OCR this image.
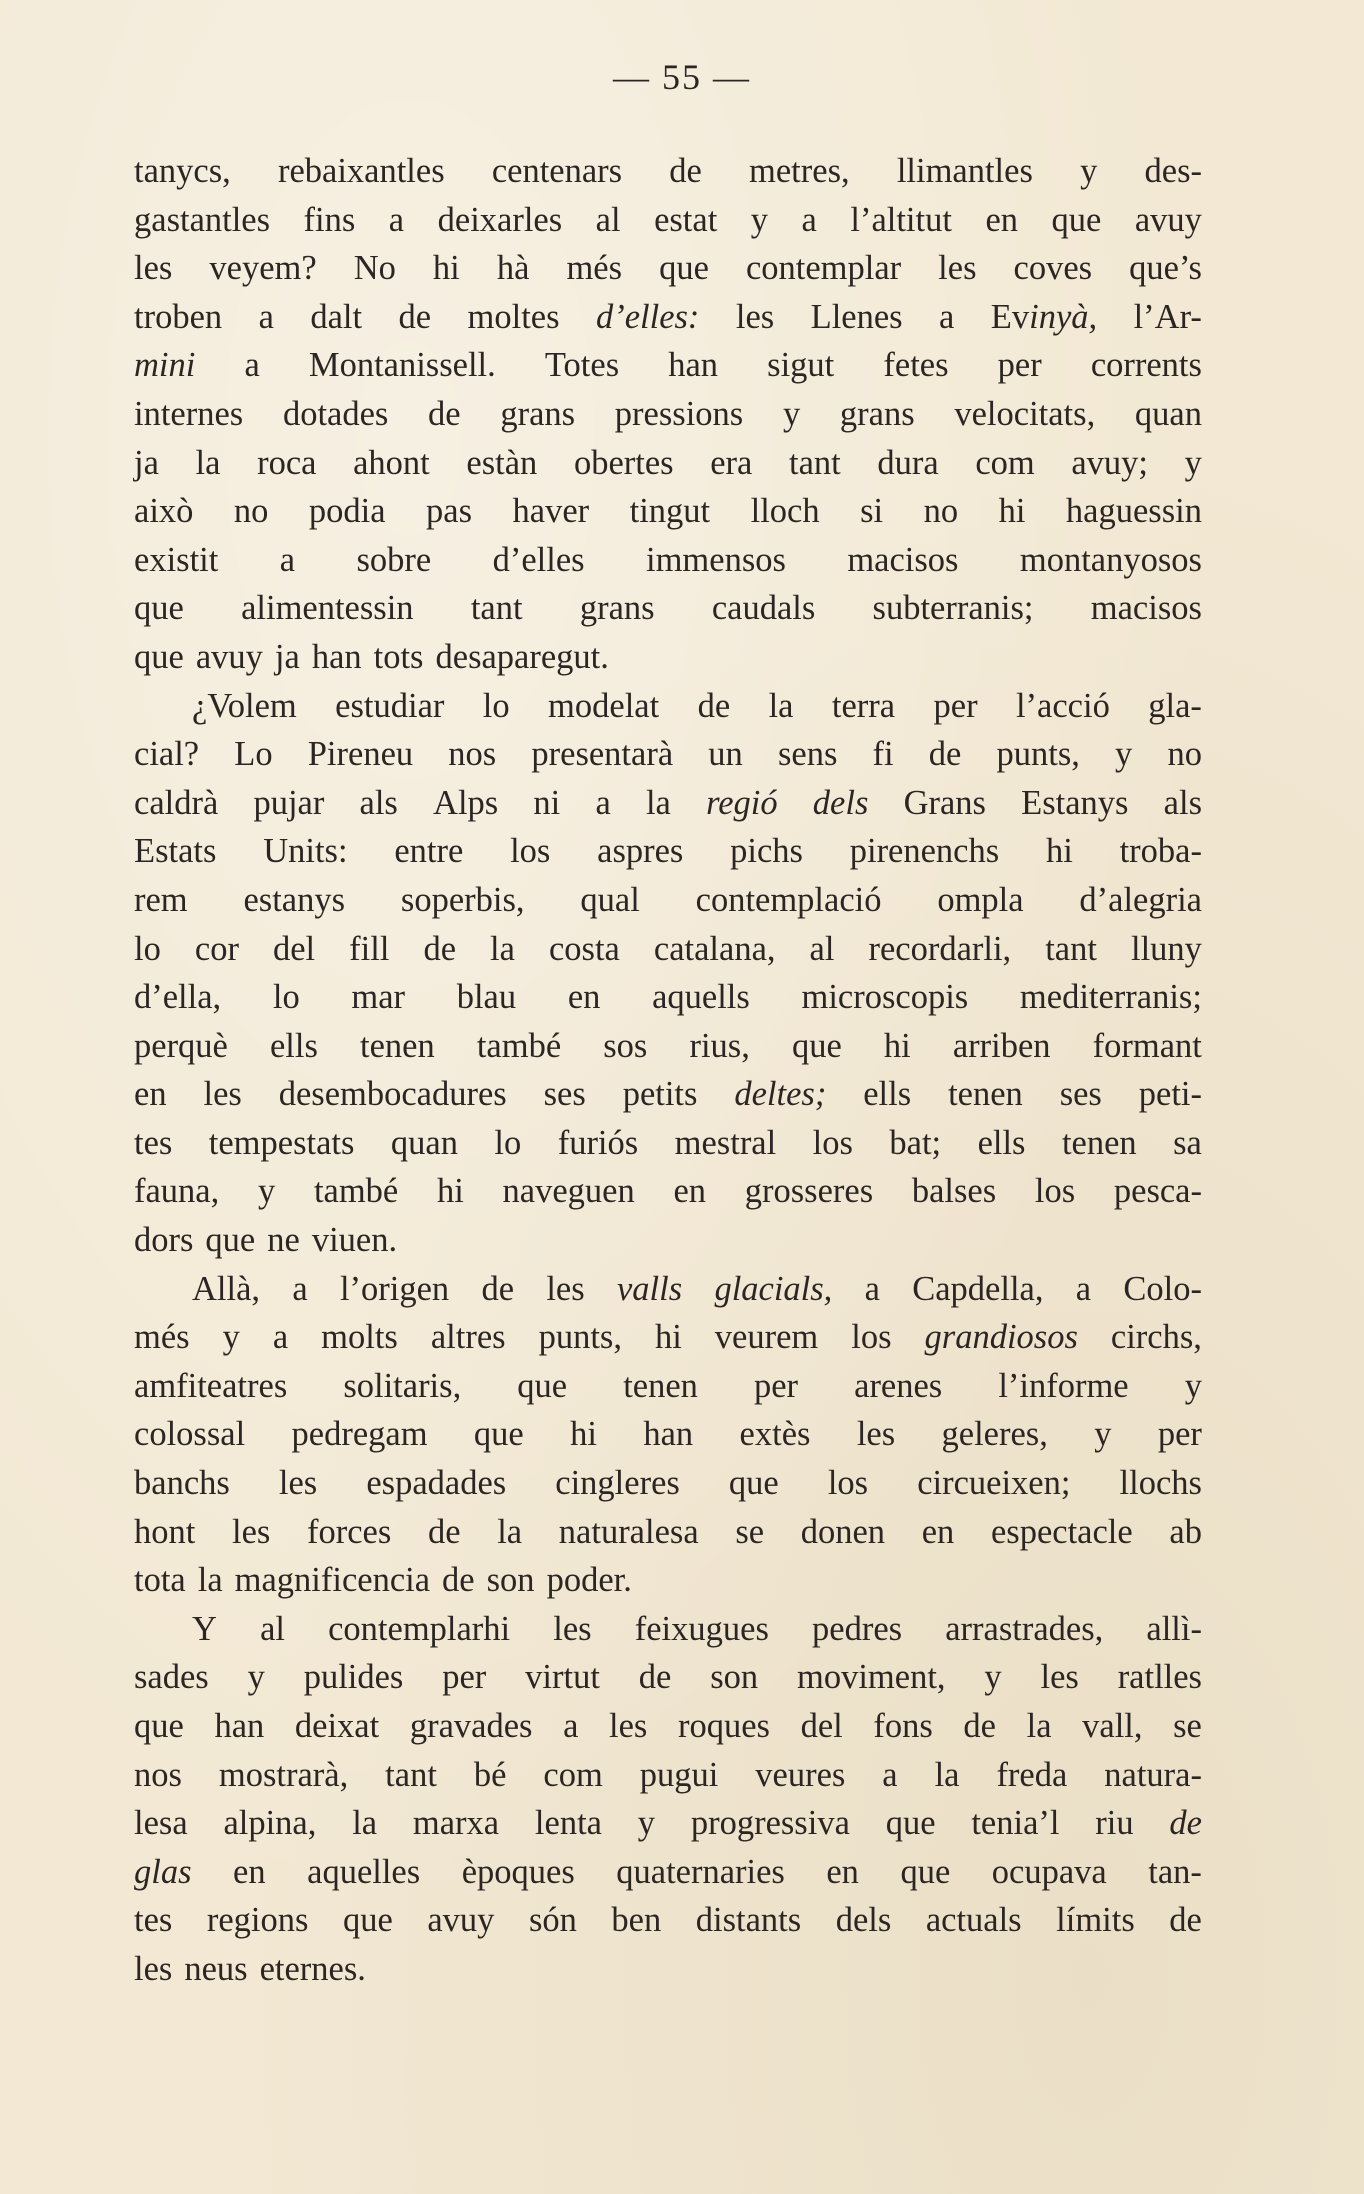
— 55 —
tanycs, rebaixantles centenars de metres, llimantles y des-
gastantles fins a deixarles al estat y a l’altitut en que avuy
les veyem? No hi hà més que contemplar les coves que’s
troben a dalt de moltes d’elles: les Llenes a Evinyà, l’Ar-
mini a Montanissell. Totes han sigut fetes per corrents
internes dotades de grans pressions y grans velocitats, quan
ja la roca ahont estàn obertes era tant dura com avuy; y
això no podia pas haver tingut lloch si no hi haguessin
existit a sobre d’elles immensos macisos montanyosos
que alimentessin tant grans caudals subterranis; macisos
que avuy ja han tots desaparegut.
¿Volem estudiar lo modelat de la terra per l’acció gla-
cial? Lo Pireneu nos presentarà un sens fi de punts, y no
caldrà pujar als Alps ni a la regió dels Grans Estanys als
Estats Units: entre los aspres pichs pirenenchs hi troba-
rem estanys soperbis, qual contemplació ompla d’alegria
lo cor del fill de la costa catalana, al recordarli, tant lluny
d’ella, lo mar blau en aquells microscopis mediterranis;
perquè ells tenen també sos rius, que hi arriben formant
en les desembocadures ses petits deltes; ells tenen ses peti-
tes tempestats quan lo furiós mestral los bat; ells tenen sa
fauna, y també hi naveguen en grosseres balses los pesca-
dors que ne viuen.
Allà, a l’origen de les valls glacials, a Capdella, a Colo-
més y a molts altres punts, hi veurem los grandiosos circhs,
amfiteatres solitaris, que tenen per arenes l’informe y
colossal pedregam que hi han extès les geleres, y per
banchs les espadades cingleres que los circueixen; llochs
hont les forces de la naturalesa se donen en espectacle ab
tota la magnificencia de son poder.
Y al contemplarhi les feixugues pedres arrastrades, allì-
sades y pulides per virtut de son moviment, y les ratlles
que han deixat gravades a les roques del fons de la vall, se
nos mostrarà, tant bé com pugui veures a la freda natura-
lesa alpina, la marxa lenta y progressiva que tenia’l riu de
glas en aquelles èpoques quaternaries en que ocupava tan-
tes regions que avuy són ben distants dels actuals límits de
les neus eternes.
